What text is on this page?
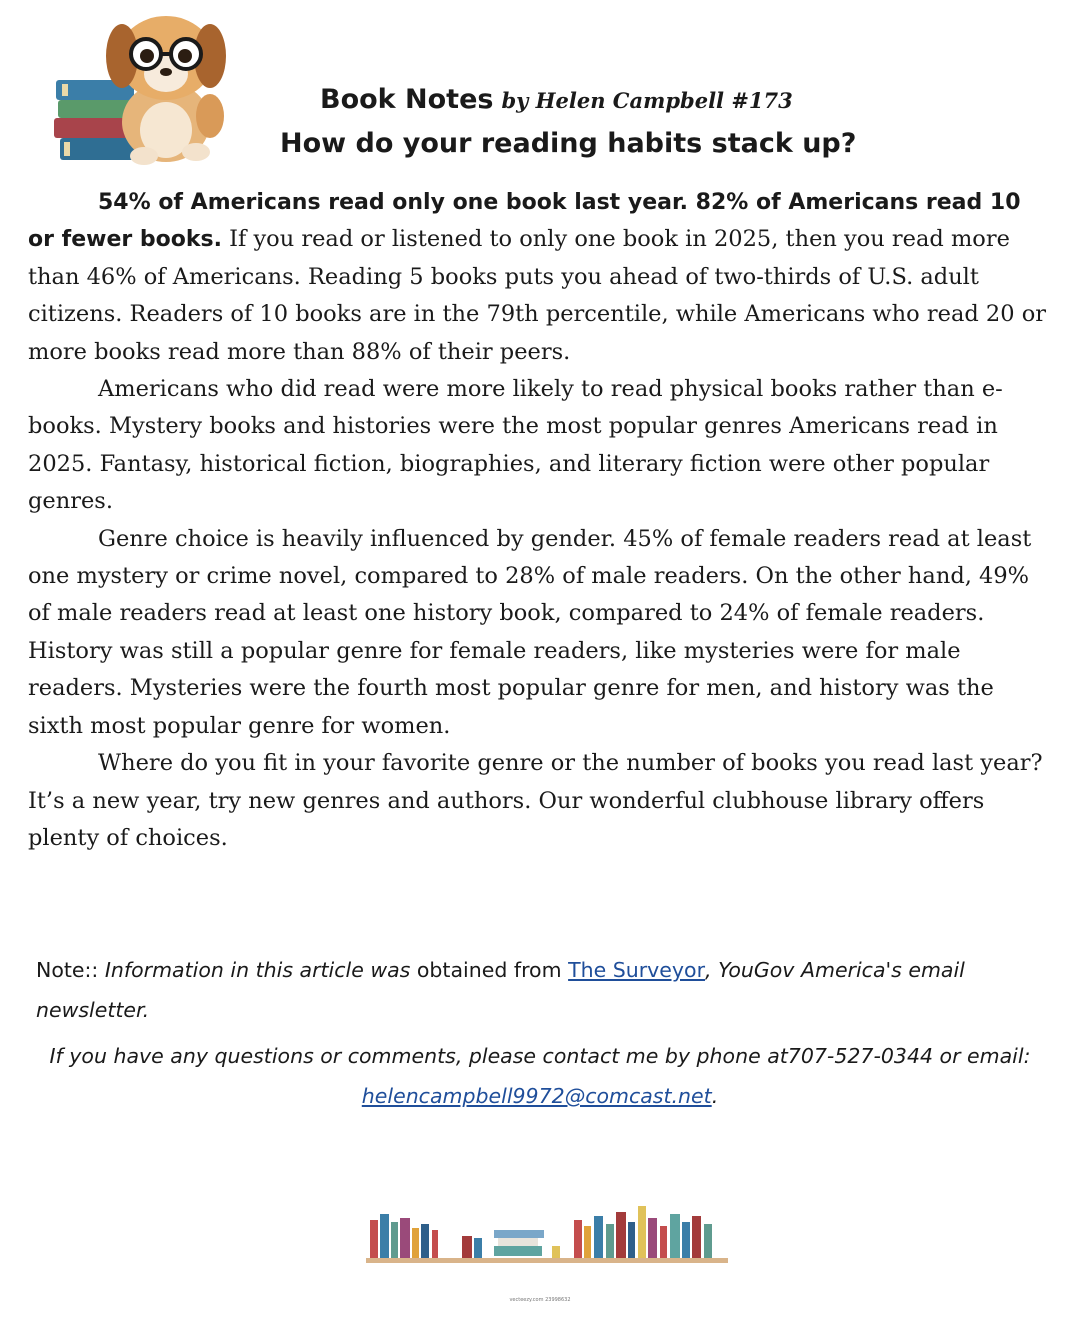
Book Notes by Helen Campbell #173
How do your reading habits stack up?

54% of Americans read only one book last year. 82% of Americans read 10 or fewer books. If you read or listened to only one book in 2025, then you read more than 46% of Americans. Reading 5 books puts you ahead of two-thirds of U.S. adult citizens. Readers of 10 books are in the 79th percentile, while Americans who read 20 or more books read more than 88% of their peers.

Americans who did read were more likely to read physical books rather than e-books. Mystery books and histories were the most popular genres Americans read in 2025. Fantasy, historical fiction, biographies, and literary fiction were other popular genres.

Genre choice is heavily influenced by gender. 45% of female readers read at least one mystery or crime novel, compared to 28% of male readers. On the other hand, 49% of male readers read at least one history book, compared to 24% of female readers. History was still a popular genre for female readers, like mysteries were for male readers. Mysteries were the fourth most popular genre for men, and history was the sixth most popular genre for women.

Where do you fit in your favorite genre or the number of books you read last year? It’s a new year, try new genres and authors. Our wonderful clubhouse library offers plenty of choices.

Note:: Information in this article was obtained from The Surveyor, YouGov America's email newsletter.
If you have any questions or comments, please contact me by phone at707-527-0344 or email: helencampbell9972@comcast.net.
vecteezy.com 23998632
